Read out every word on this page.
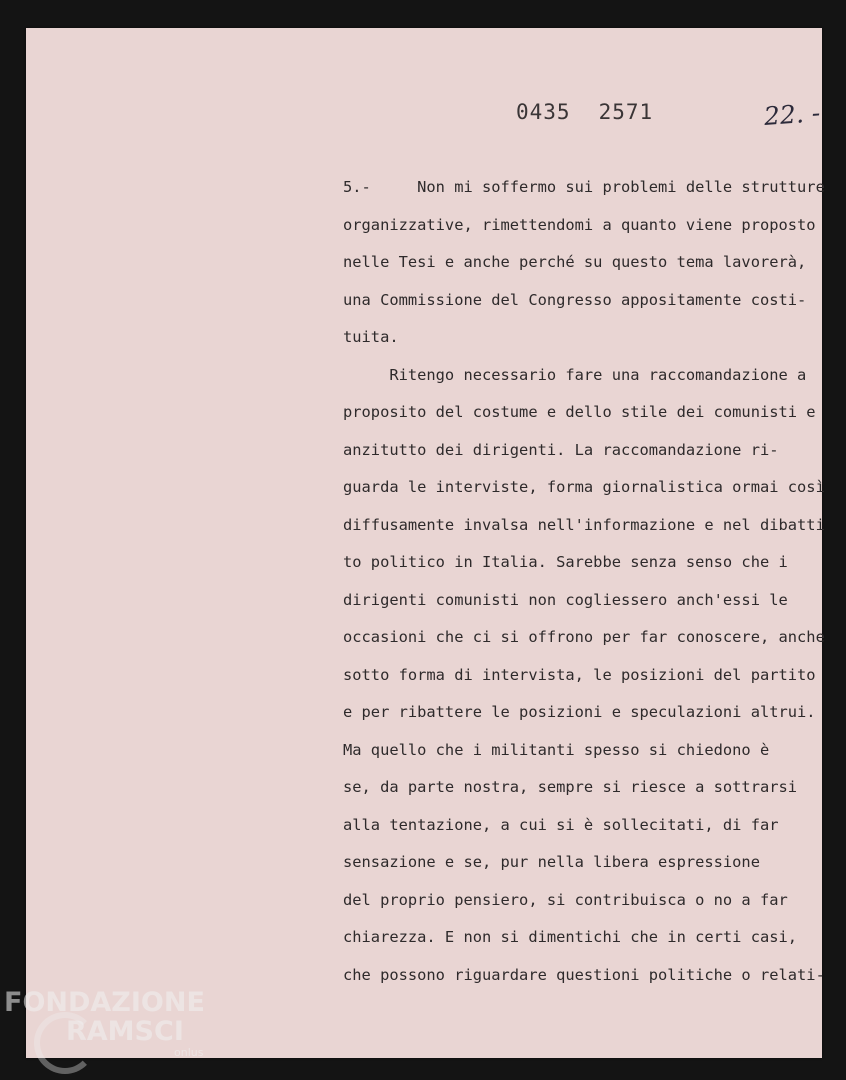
0435 2571	22. -
5.-     Non mi soffermo sui problemi delle strutture
organizzative, rimettendomi a quanto viene proposto
nelle Tesi e anche perché su questo tema lavorerà,
una Commissione del Congresso appositamente costi-
tuita.
Ritengo necessario fare una raccomandazione a
proposito del costume e dello stile dei comunisti e
anzitutto dei dirigenti. La raccomandazione ri-
guarda le interviste, forma giornalistica ormai così
diffusamente invalsa nell'informazione e nel dibatti
to politico in Italia. Sarebbe senza senso che i
dirigenti comunisti non cogliessero anch'essi le
occasioni che ci si offrono per far conoscere, anche
sotto forma di intervista, le posizioni del partito
e per ribattere le posizioni e speculazioni altrui.
Ma quello che i militanti spesso si chiedono è
se, da parte nostra, sempre si riesce a sottrarsi
alla tentazione, a cui si è sollecitati, di far
sensazione e se, pur nella libera espressione
del proprio pensiero, si contribuisca o no a far
chiarezza. E non si dimentichi che in certi casi,
che possono riguardare questioni politiche o relati-
FONDAZIONE
RAMSCI
onlus
